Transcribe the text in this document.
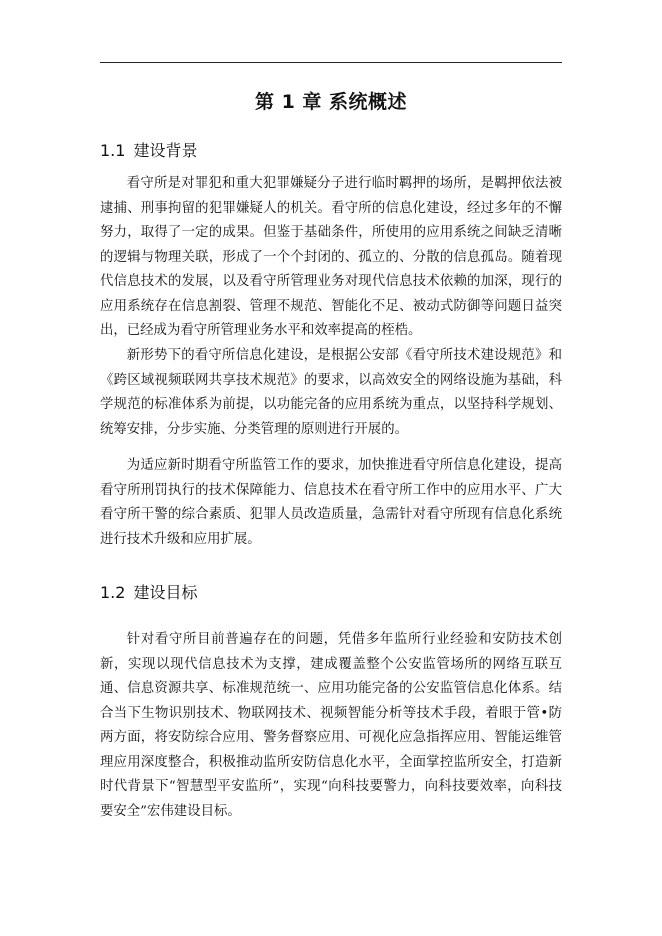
第 1 章 系统概述
1.1 建设背景

看守所是对罪犯和重大犯罪嫌疑分子进行临时羁押的场所，是羁押依法被逮捕、刑事拘留的犯罪嫌疑人的机关。看守所的信息化建设，经过多年的不懈努力，取得了一定的成果。但鉴于基础条件，所使用的应用系统之间缺乏清晰的逻辑与物理关联，形成了一个个封闭的、孤立的、分散的信息孤岛。随着现代信息技术的发展，以及看守所管理业务对现代信息技术依赖的加深，现行的应用系统存在信息割裂、管理不规范、智能化不足、被动式防御等问题日益突出，已经成为看守所管理业务水平和效率提高的桎梏。

新形势下的看守所信息化建设，是根据公安部《看守所技术建设规范》和《跨区域视频联网共享技术规范》的要求，以高效安全的网络设施为基础，科学规范的标准体系为前提，以功能完备的应用系统为重点，以坚持科学规划、统筹安排，分步实施、分类管理的原则进行开展的。

为适应新时期看守所监管工作的要求，加快推进看守所信息化建设，提高看守所刑罚执行的技术保障能力、信息技术在看守所工作中的应用水平、广大看守所干警的综合素质、犯罪人员改造质量，急需针对看守所现有信息化系统进行技术升级和应用扩展。

1.2 建设目标

针对看守所目前普遍存在的问题，凭借多年监所行业经验和安防技术创新，实现以现代信息技术为支撑，建成覆盖整个公安监管场所的网络互联互通、信息资源共享、标准规范统一、应用功能完备的公安监管信息化体系。结合当下生物识别技术、物联网技术、视频智能分析等技术手段，着眼于管•防两方面，将安防综合应用、警务督察应用、可视化应急指挥应用、智能运维管理应用深度整合，积极推动监所安防信息化水平，全面掌控监所安全，打造新时代背景下“智慧型平安监所”，实现“向科技要警力，向科技要效率，向科技要安全”宏伟建设目标。
